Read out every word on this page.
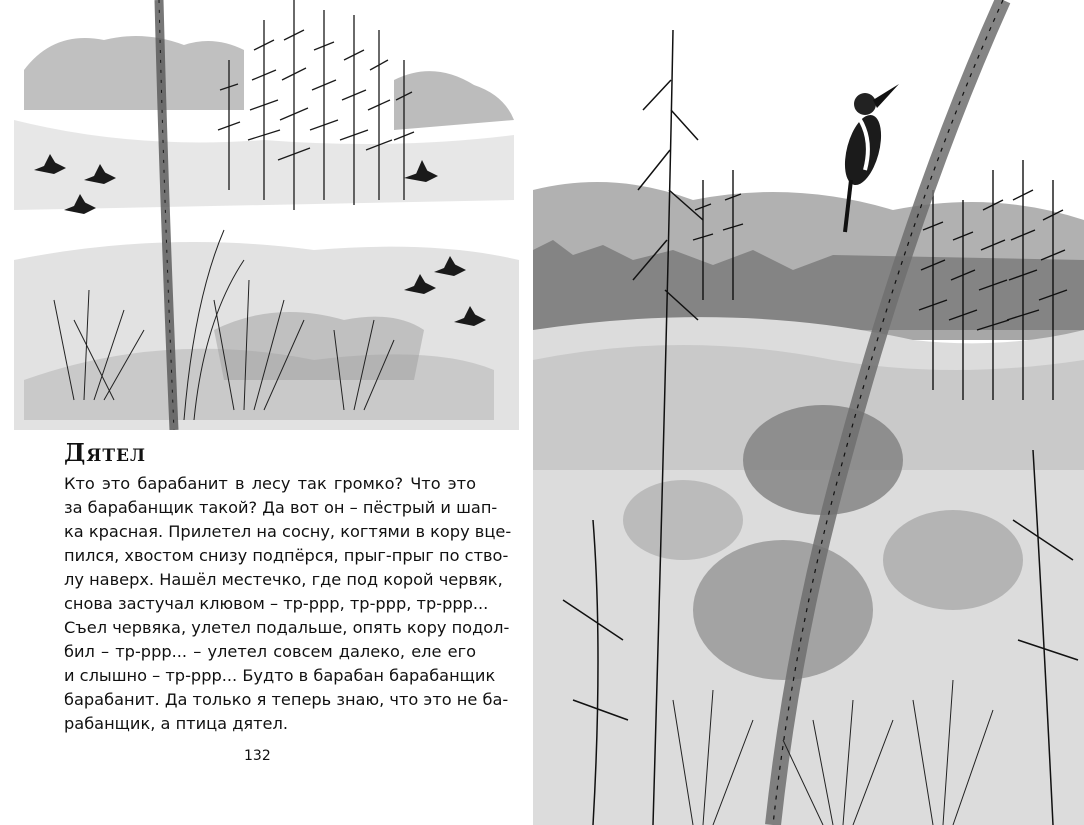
Дятел
Кто это барабанит в лесу так громко? Что это
за барабанщик такой? Да вот он – пёстрый и шап-
ка красная. Прилетел на сосну, когтями в кору вце-
пился, хвостом снизу подпёрся, прыг-прыг по ство-
лу наверх. Нашёл местечко, где под корой червяк,
снова застучал клювом – тр-ррр, тр-ррр, тр-ррр...
Съел червяка, улетел подальше, опять кору подол-
бил – тр-ррр... – улетел совсем далеко, еле его
и слышно – тр-ррр... Будто в барабан барабанщик
барабанит. Да только я теперь знаю, что это не ба-
рабанщик, а птица дятел.
132
